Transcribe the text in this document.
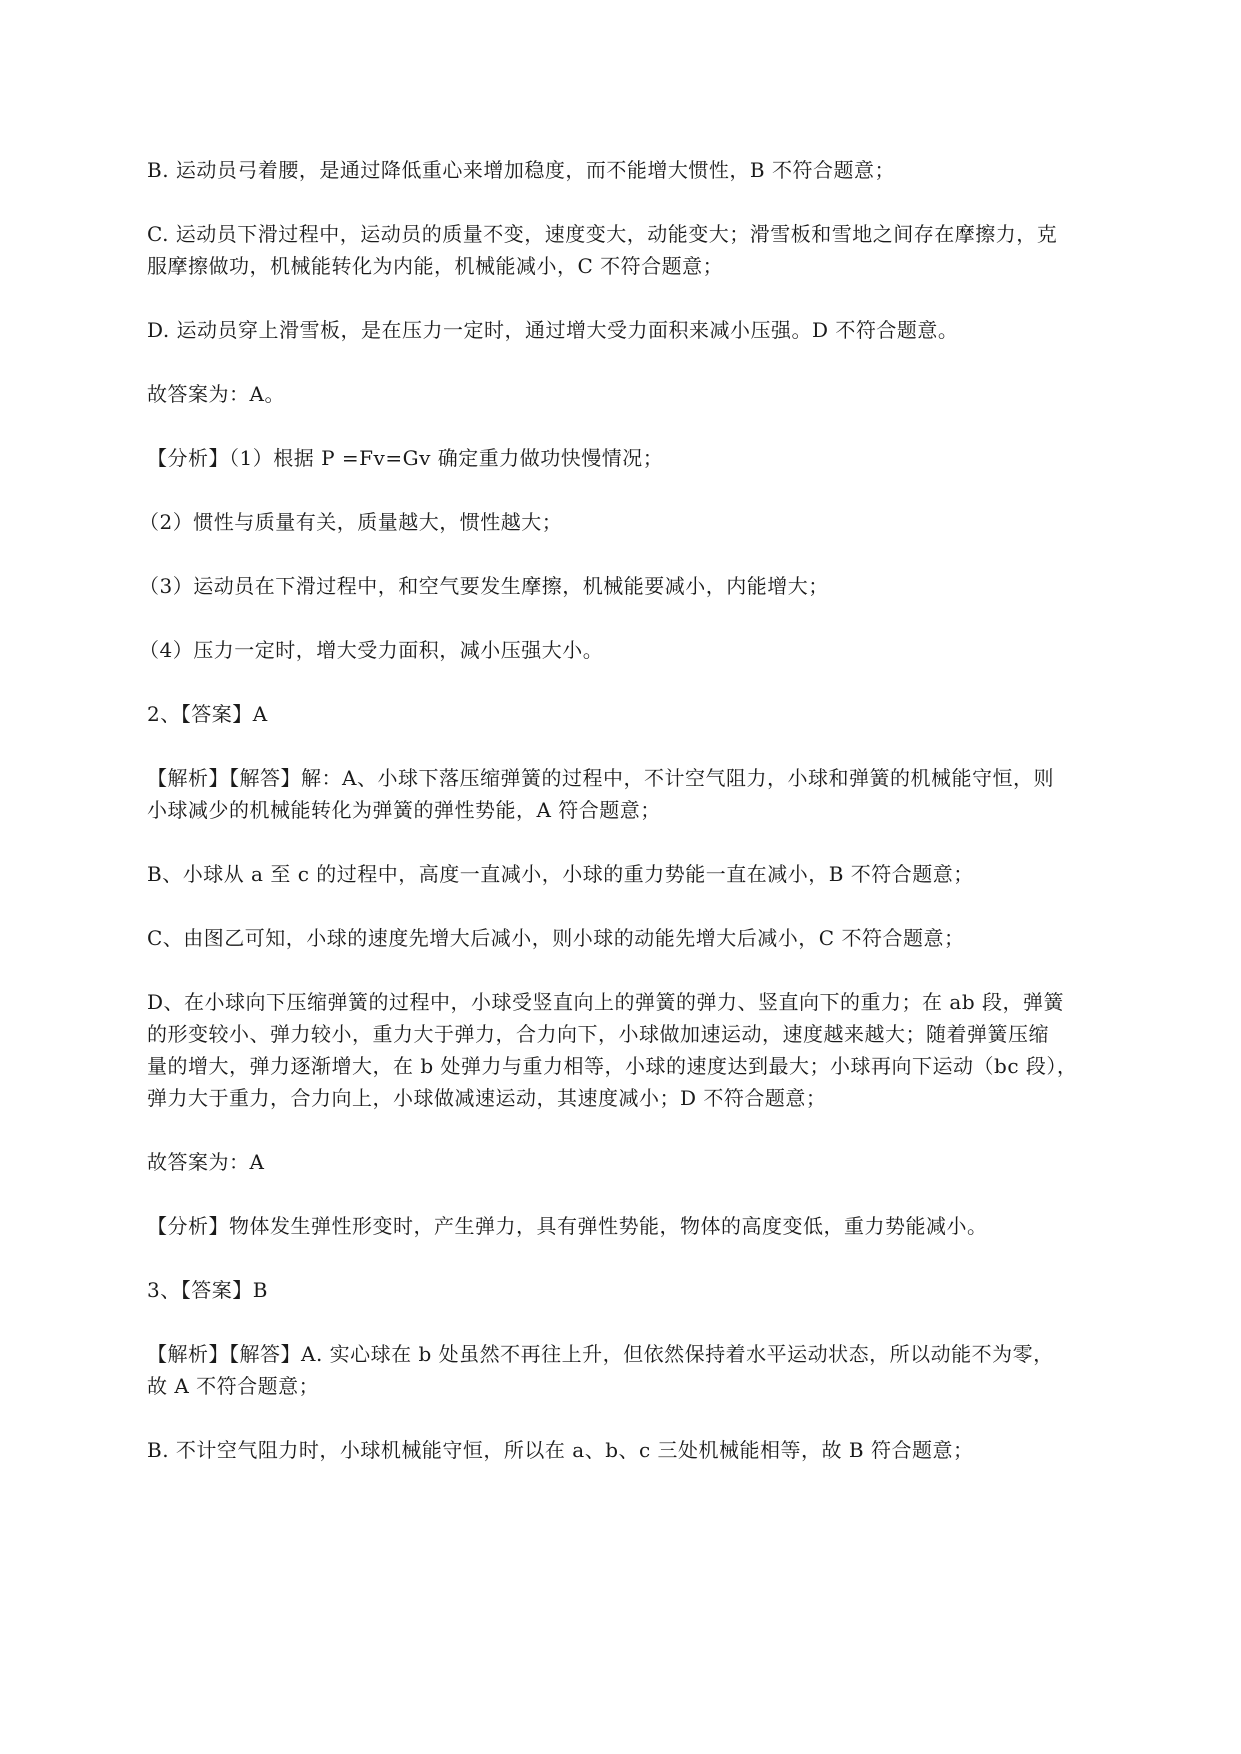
B. 运动员弓着腰，是通过降低重心来增加稳度，而不能增大惯性，B 不符合题意；

C. 运动员下滑过程中，运动员的质量不变，速度变大，动能变大；滑雪板和雪地之间存在摩擦力，克
服摩擦做功，机械能转化为内能，机械能减小，C 不符合题意；

D. 运动员穿上滑雪板，是在压力一定时，通过增大受力面积来减小压强。D 不符合题意。

故答案为：A。

【分析】（1）根据 P =Fv=Gv 确定重力做功快慢情况；

（2）惯性与质量有关，质量越大，惯性越大；

（3）运动员在下滑过程中，和空气要发生摩擦，机械能要减小，内能增大；

（4）压力一定时，增大受力面积，减小压强大小。

2、【答案】A

【解析】【解答】解：A、小球下落压缩弹簧的过程中，不计空气阻力，小球和弹簧的机械能守恒，则
小球减少的机械能转化为弹簧的弹性势能，A 符合题意；

B、小球从 a 至 c 的过程中，高度一直减小，小球的重力势能一直在减小，B 不符合题意；

C、由图乙可知，小球的速度先增大后减小，则小球的动能先增大后减小，C 不符合题意；

D、在小球向下压缩弹簧的过程中，小球受竖直向上的弹簧的弹力、竖直向下的重力；在 ab 段，弹簧
的形变较小、弹力较小，重力大于弹力，合力向下，小球做加速运动，速度越来越大；随着弹簧压缩
量的增大，弹力逐渐增大，在 b 处弹力与重力相等，小球的速度达到最大；小球再向下运动（bc 段），
弹力大于重力，合力向上，小球做减速运动，其速度减小；D 不符合题意；

故答案为：A

【分析】物体发生弹性形变时，产生弹力，具有弹性势能，物体的高度变低，重力势能减小。

3、【答案】B

【解析】【解答】A. 实心球在 b 处虽然不再往上升，但依然保持着水平运动状态，所以动能不为零，
故 A 不符合题意；

B. 不计空气阻力时，小球机械能守恒，所以在 a、b、c 三处机械能相等，故 B 符合题意；
